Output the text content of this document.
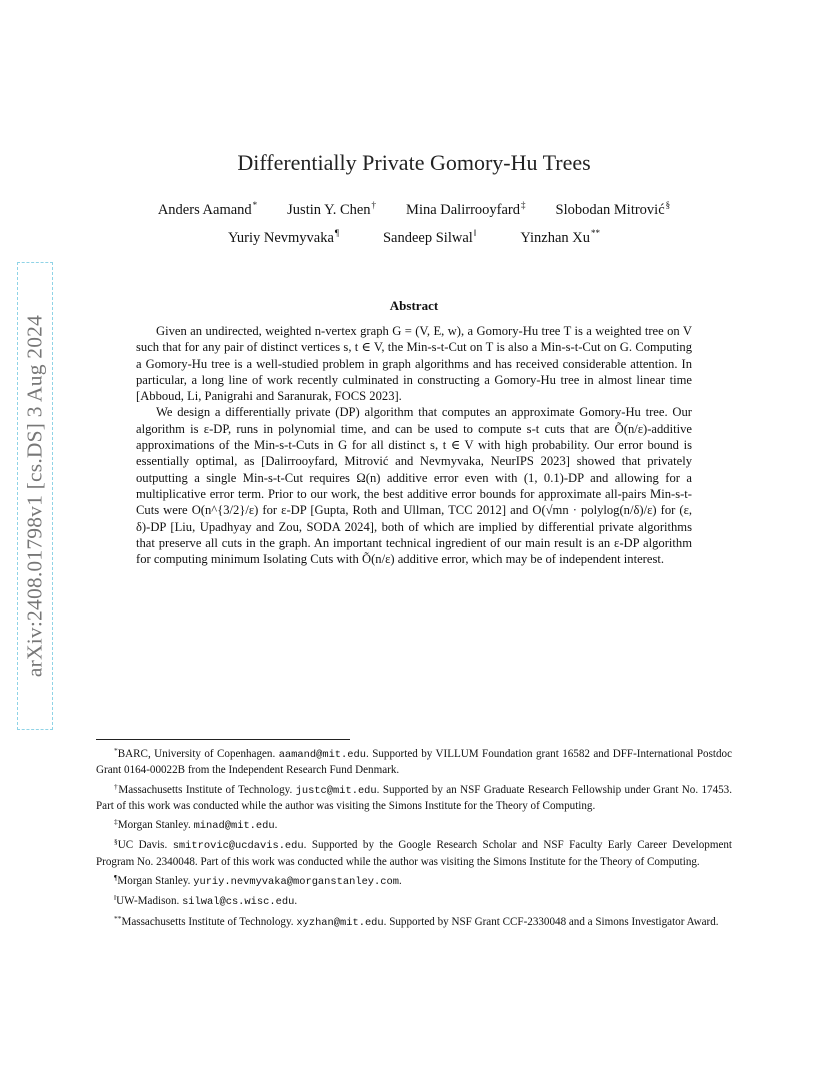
arXiv:2408.01798v1 [cs.DS] 3 Aug 2024
Differentially Private Gomory-Hu Trees
Anders Aamand* Justin Y. Chen† Mina Dalirrooyfard‡ Slobodan Mitrović§
Yuriy Nevmyvaka¶	Sandeep Silwal‖	Yinzhan Xu**
Abstract

Given an undirected, weighted n-vertex graph G = (V, E, w), a Gomory-Hu tree T is a weighted tree on V such that for any pair of distinct vertices s, t ∈ V, the Min-s-t-Cut on T is also a Min-s-t-Cut on G. Computing a Gomory-Hu tree is a well-studied problem in graph algorithms and has received considerable attention. In particular, a long line of work recently culminated in constructing a Gomory-Hu tree in almost linear time [Abboud, Li, Panigrahi and Saranurak, FOCS 2023].

We design a differentially private (DP) algorithm that computes an approximate Gomory-Hu tree. Our algorithm is ε-DP, runs in polynomial time, and can be used to compute s-t cuts that are Õ(n/ε)-additive approximations of the Min-s-t-Cuts in G for all distinct s, t ∈ V with high probability. Our error bound is essentially optimal, as [Dalirrooyfard, Mitrović and Nevmyvaka, NeurIPS 2023] showed that privately outputting a single Min-s-t-Cut requires Ω(n) additive error even with (1, 0.1)-DP and allowing for a multiplicative error term. Prior to our work, the best additive error bounds for approximate all-pairs Min-s-t-Cuts were O(n^{3/2}/ε) for ε-DP [Gupta, Roth and Ullman, TCC 2012] and O(√mn · polylog(n/δ)/ε) for (ε, δ)-DP [Liu, Upadhyay and Zou, SODA 2024], both of which are implied by differential private algorithms that preserve all cuts in the graph. An important technical ingredient of our main result is an ε-DP algorithm for computing minimum Isolating Cuts with Õ(n/ε) additive error, which may be of independent interest.

*BARC, University of Copenhagen. aamand@mit.edu. Supported by VILLUM Foundation grant 16582 and DFF-International Postdoc Grant 0164-00022B from the Independent Research Fund Denmark.

†Massachusetts Institute of Technology. justc@mit.edu. Supported by an NSF Graduate Research Fellowship under Grant No. 17453. Part of this work was conducted while the author was visiting the Simons Institute for the Theory of Computing.

‡Morgan Stanley. minad@mit.edu.

§UC Davis. smitrovic@ucdavis.edu. Supported by the Google Research Scholar and NSF Faculty Early Career Development Program No. 2340048. Part of this work was conducted while the author was visiting the Simons Institute for the Theory of Computing.

¶Morgan Stanley. yuriy.nevmyvaka@morganstanley.com.

‖UW-Madison. silwal@cs.wisc.edu.

**Massachusetts Institute of Technology. xyzhan@mit.edu. Supported by NSF Grant CCF-2330048 and a Simons Investigator Award.
